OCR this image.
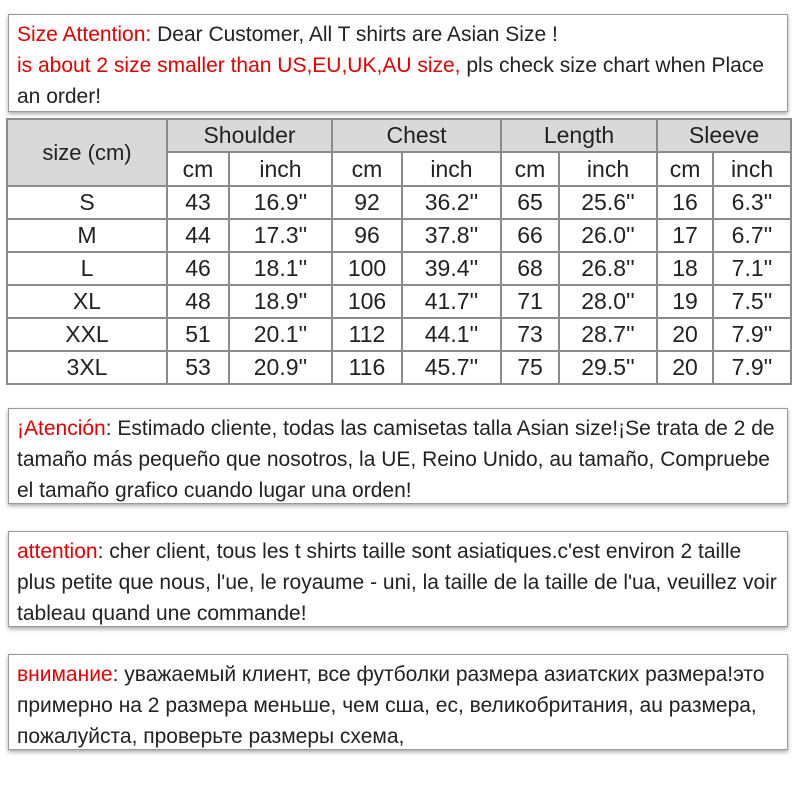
Size Attention: Dear Customer, All T shirts are Asian Size !
is about 2 size smaller than US,EU,UK,AU size, pls check size chart when Place an order!
size (cm)	Shoulder		Chest		Length		Sleeve	
	cm	inch	cm	inch	cm	inch	cm	inch
S	43	16.9''	92	36.2''	65	25.6''	16	6.3''
M	44	17.3''	96	37.8''	66	26.0''	17	6.7''
L	46	18.1''	100	39.4''	68	26.8''	18	7.1''
XL	48	18.9''	106	41.7''	71	28.0''	19	7.5''
XXL	51	20.1''	112	44.1''	73	28.7''	20	7.9''
3XL	53	20.9''	116	45.7''	75	29.5''	20	7.9''
¡Atención: Estimado cliente, todas las camisetas talla Asian size!¡Se trata de 2 de tamaño más pequeño que nosotros, la UE, Reino Unido, au tamaño, Compruebe el tamaño grafico cuando lugar una orden!
attention: cher client, tous les t shirts taille sont asiatiques.c'est environ 2 taille plus petite que nous, l'ue, le royaume - uni, la taille de la taille de l'ua, veuillez voir tableau quand une commande!
внимание: уважаемый клиент, все футболки размера азиатских размера!это примерно на 2 размера меньше, чем сша, ес, великобритания, au размера, пожалуйста, проверьте размеры схема,
